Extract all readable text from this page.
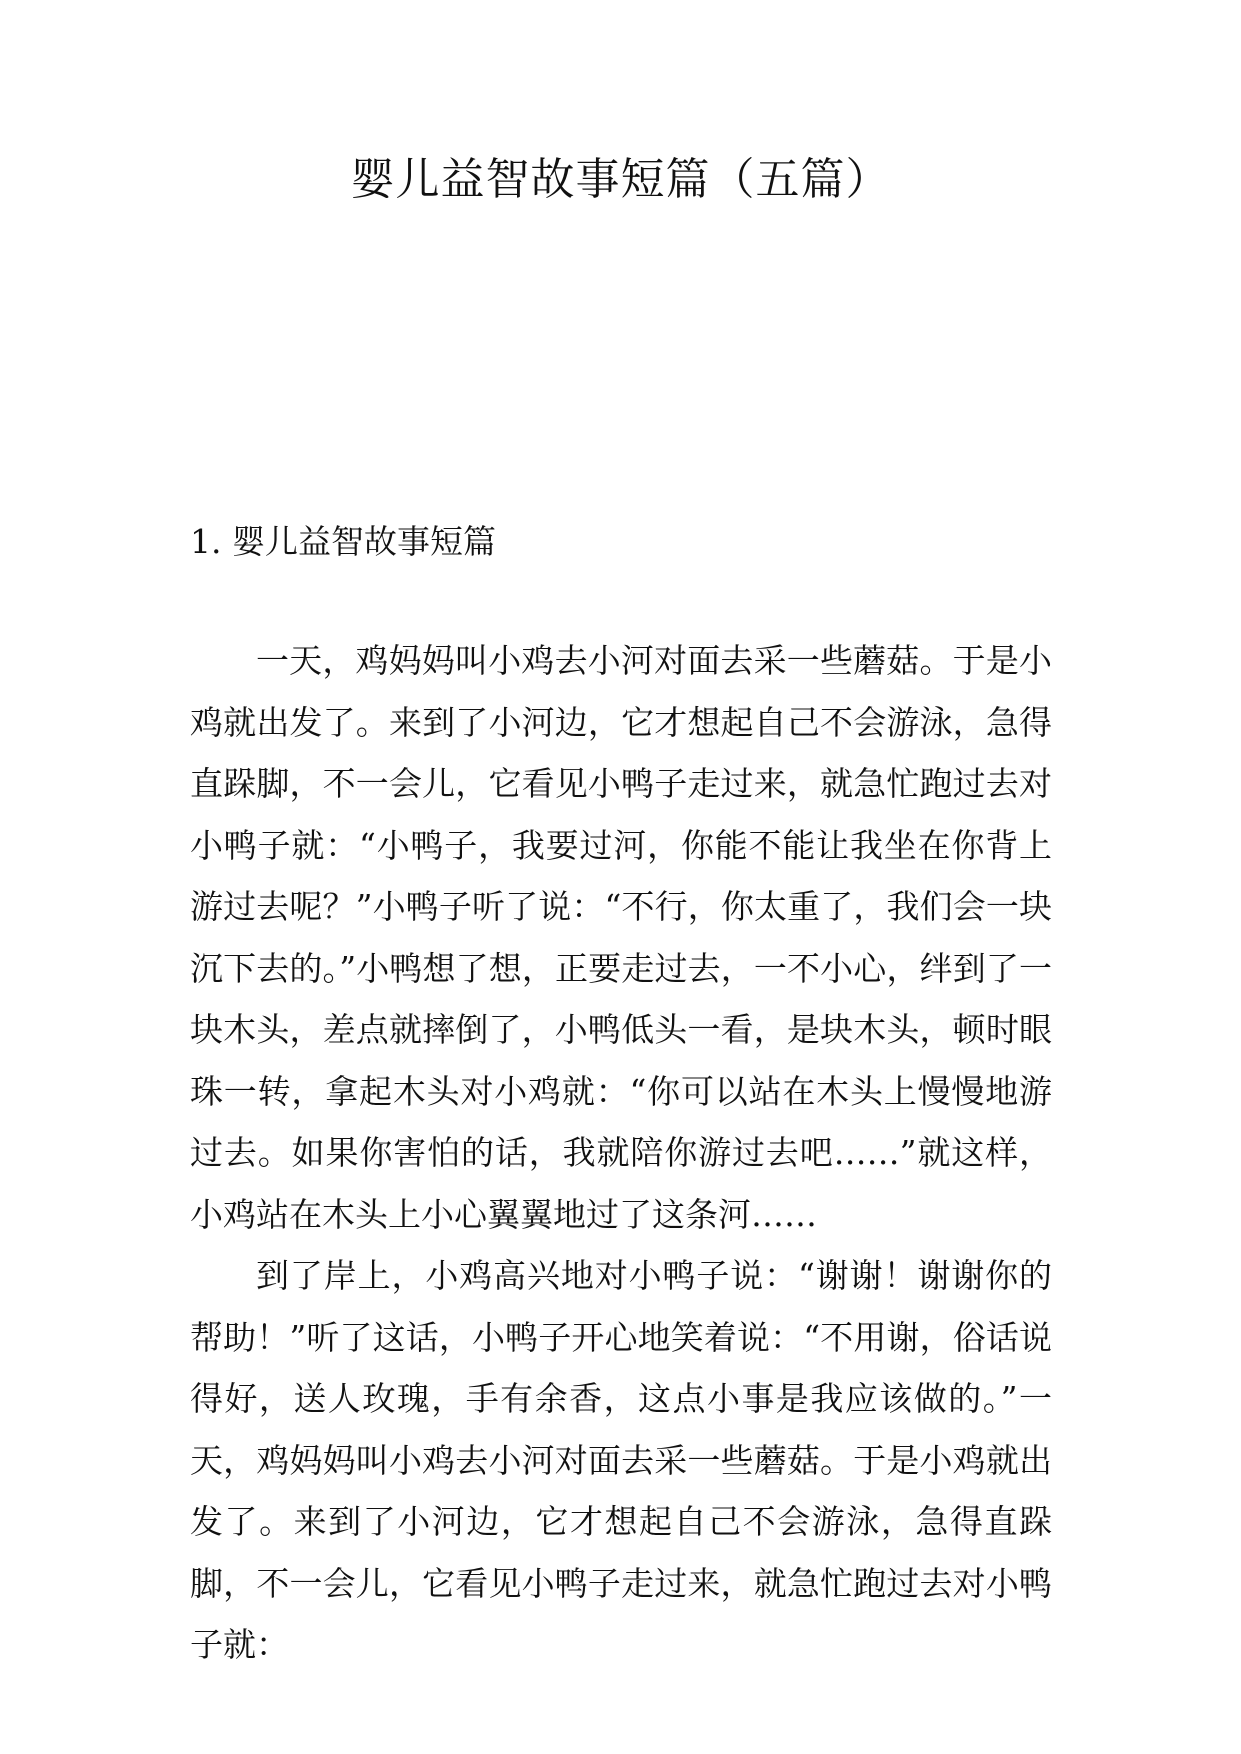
婴儿益智故事短篇（五篇）
1. 婴儿益智故事短篇

一天，鸡妈妈叫小鸡去小河对面去采一些蘑菇。于是小鸡就出发了。来到了小河边，它才想起自己不会游泳，急得直跺脚，不一会儿，它看见小鸭子走过来，就急忙跑过去对小鸭子就：“小鸭子，我要过河，你能不能让我坐在你背上游过去呢？”小鸭子听了说：“不行，你太重了，我们会一块沉下去的。”小鸭想了想，正要走过去，一不小心，绊到了一块木头，差点就摔倒了，小鸭低头一看，是块木头，顿时眼珠一转，拿起木头对小鸡就：“你可以站在木头上慢慢地游过去。如果你害怕的话，我就陪你游过去吧……”就这样，小鸡站在木头上小心翼翼地过了这条河……

到了岸上，小鸡高兴地对小鸭子说：“谢谢！谢谢你的帮助！”听了这话，小鸭子开心地笑着说：“不用谢，俗话说得好，送人玫瑰，手有余香，这点小事是我应该做的。”一天，鸡妈妈叫小鸡去小河对面去采一些蘑菇。于是小鸡就出发了。来到了小河边，它才想起自己不会游泳，急得直跺脚，不一会儿，它看见小鸭子走过来，就急忙跑过去对小鸭子就：
